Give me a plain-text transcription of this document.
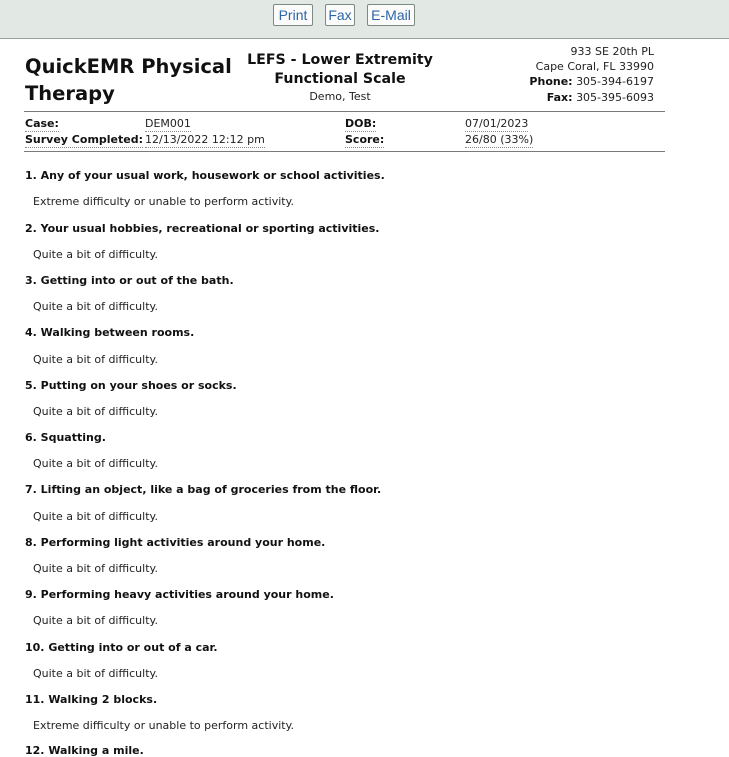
Print	Fax E-Mail
QuickEMR Physical
Therapy
LEFS - Lower Extremity
Functional Scale
Demo, Test
933 SE 20th PL
Cape Coral, FL 33990
Phone: 305-394-6197
Fax: 305-395-6093
Case:	DEM001
Survey Completed: 12/13/2022 12:12 pm
DOB:	07/01/2023
Score:	26/80 (33%)
1. Any of your usual work, housework or school activities.
Extreme difficulty or unable to perform activity.
2. Your usual hobbies, recreational or sporting activities.
Quite a bit of difficulty.
3. Getting into or out of the bath.
Quite a bit of difficulty.
4. Walking between rooms.
Quite a bit of difficulty.
5. Putting on your shoes or socks.
Quite a bit of difficulty.
6. Squatting.
Quite a bit of difficulty.
7. Lifting an object, like a bag of groceries from the floor.
Quite a bit of difficulty.
8. Performing light activities around your home.
Quite a bit of difficulty.
9. Performing heavy activities around your home.
Quite a bit of difficulty.
10. Getting into or out of a car.
Quite a bit of difficulty.
11. Walking 2 blocks.
Extreme difficulty or unable to perform activity.
12. Walking a mile.
